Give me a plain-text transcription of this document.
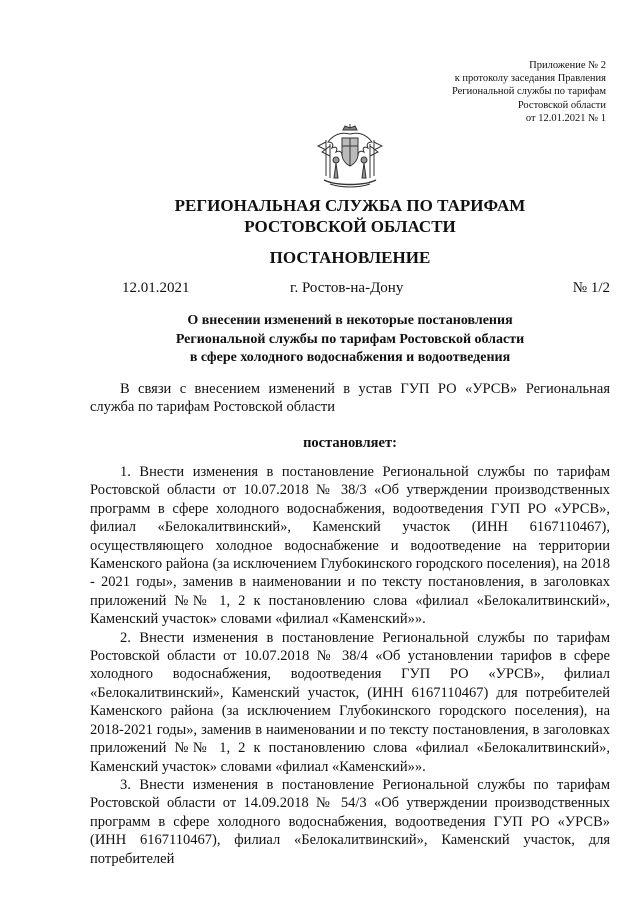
Приложение № 2
к протоколу заседания Правления
Региональной службы по тарифам
Ростовской области
от 12.01.2021 № 1
РЕГИОНАЛЬНАЯ СЛУЖБА ПО ТАРИФАМ
РОСТОВСКОЙ ОБЛАСТИ
ПОСТАНОВЛЕНИЕ
12.01.2021	г. Ростов-на-Дону	№ 1/2
О внесении изменений в некоторые постановления
Региональной службы по тарифам Ростовской области
в сфере холодного водоснабжения и водоотведения

В связи с внесением изменений в устав ГУП РО «УРСВ» Региональная служба по тарифам Ростовской области

постановляет:

1. Внести изменения в постановление Региональной службы по тарифам Ростовской области от 10.07.2018 № 38/3 «Об утверждении производственных программ в сфере холодного водоснабжения, водоотведения ГУП РО «УРСВ», филиал «Белокалитвинский», Каменский участок (ИНН 6167110467), осуществляющего холодное водоснабжение и водоотведение на территории Каменского района (за исключением Глубокинского городского поселения), на 2018 - 2021 годы», заменив в наименовании и по тексту постановления, в заголовках приложений №№ 1, 2 к постановлению слова «филиал «Белокалитвинский», Каменский участок» словами «филиал «Каменский»».

2. Внести изменения в постановление Региональной службы по тарифам Ростовской области от 10.07.2018 № 38/4 «Об установлении тарифов в сфере холодного водоснабжения, водоотведения ГУП РО «УРСВ», филиал «Белокалитвинский», Каменский участок, (ИНН 6167110467) для потребителей Каменского района (за исключением Глубокинского городского поселения), на 2018-2021 годы», заменив в наименовании и по тексту постановления, в заголовках приложений №№ 1, 2 к постановлению слова «филиал «Белокалитвинский», Каменский участок» словами «филиал «Каменский»».

3. Внести изменения в постановление Региональной службы по тарифам Ростовской области от 14.09.2018 № 54/3 «Об утверждении производственных программ в сфере холодного водоснабжения, водоотведения ГУП РО «УРСВ» (ИНН 6167110467), филиал «Белокалитвинский», Каменский участок, для потребителей
